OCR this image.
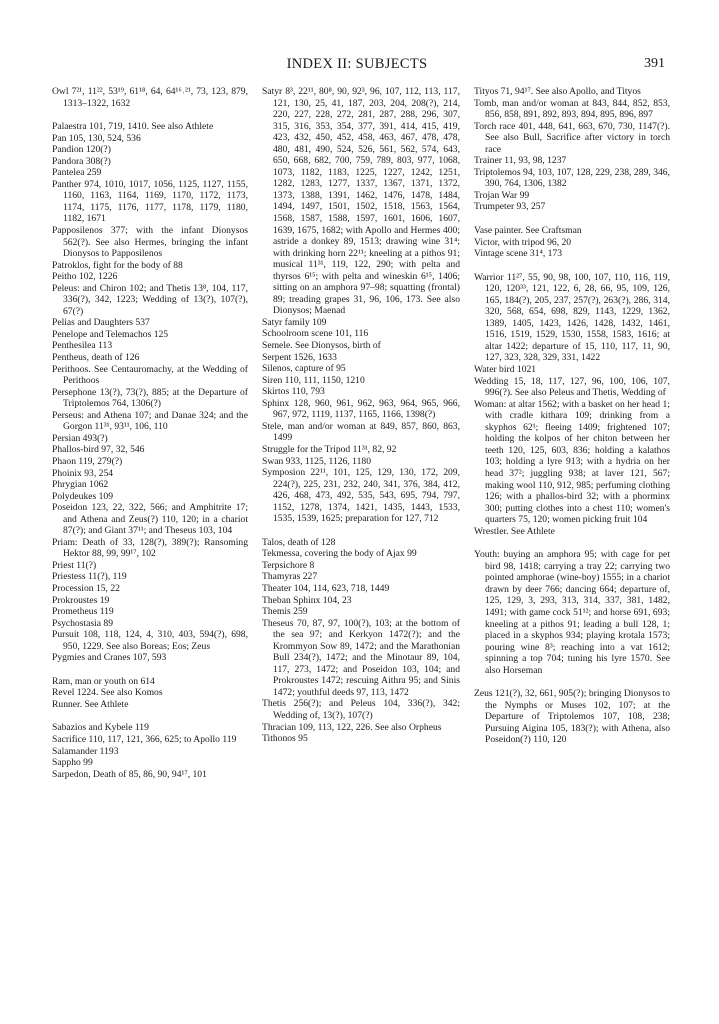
INDEX II: SUBJECTS	391
Owl 7²¹, 11²², 53¹⁹, 61¹⁸, 64, 64¹⁶˒²¹, 73, 123, 879, 1313–1322, 1632
Palaestra 101, 719, 1410. See also Athlete
Pan 105, 130, 524, 536
Pandion 120(?)
Pandora 308(?)
Pantelea 259
Panther 974, 1010, 1017, 1056, 1125, 1127, 1155, 1160, 1163, 1164, 1169, 1170, 1172, 1173, 1174, 1175, 1176, 1177, 1178, 1179, 1180, 1182, 1671
Papposilenos 377; with the infant Dionysos 562(?). See also Hermes, bringing the infant Dionysos to Papposilenos
Patroklos, fight for the body of 88
Peitho 102, 1226
Peleus: and Chiron 102; and Thetis 13⁸, 104, 117, 336(?), 342, 1223; Wedding of 13(?), 107(?), 67(?)
Pelias and Daughters 537
Penelope and Telemachos 125
Penthesilea 113
Pentheus, death of 126
Perithoos. See Centauromachy, at the Wedding of Perithoos
Persephone 13(?), 73(?), 885; at the Departure of Triptolemos 764, 1306(?)
Perseus: and Athena 107; and Danae 324; and the Gorgon 11³¹, 93¹¹, 106, 110
Persian 493(?)
Phallos-bird 97, 32, 546
Phaon 119, 279(?)
Phoinix 93, 254
Phrygian 1062
Polydeukes 109
Poseidon 123, 22, 322, 566; and Amphitrite 17; and Athena and Zeus(?) 110, 120; in a chariot 87(?); and Giant 37¹¹; and Theseus 103, 104
Priam: Death of 33, 128(?), 389(?); Ransoming Hektor 88, 99, 99¹⁷, 102
Priest 11(?)
Priestess 11(?), 119
Procession 15, 22
Prokroustes 19
Prometheus 119
Psychostasia 89
Pursuit 108, 118, 124, 4, 310, 403, 594(?), 698, 950, 1229. See also Boreas; Eos; Zeus
Pygmies and Cranes 107, 593
Ram, man or youth on 614
Revel 1224. See also Komos
Runner. See Athlete
Sabazios and Kybele 119
Sacrifice 110, 117, 121, 366, 625; to Apollo 119
Salamander 1193
Sappho 99
Sarpedon, Death of 85, 86, 90, 94¹⁷, 101
Satyr 8³, 22¹¹, 80⁸, 90, 92³, 96, 107, 112, 113, 117, 121, 130, 25, 41, 187, 203, 204, 208(?), 214, 220, 227, 228, 272, 281, 287, 288, 296, 307, 315, 316, 353, 354, 377, 391, 414, 415, 419, 423, 432, 450, 452, 458, 463, 467, 478, 478, 480, 481, 490, 524, 526, 561, 562, 574, 643, 650, 668, 682, 700, 759, 789, 803, 977, 1068, 1073, 1182, 1183, 1225, 1227, 1242, 1251, 1282, 1283, 1277, 1337, 1367, 1371, 1372, 1373, 1388, 1391, 1462, 1476, 1478, 1484, 1494, 1497, 1501, 1502, 1518, 1563, 1564, 1568, 1587, 1588, 1597, 1601, 1606, 1607, 1639, 1675, 1682; with Apollo and Hermes 400; astride a donkey 89, 1513; drawing wine 31⁴; with drinking horn 22¹¹; kneeling at a pithos 91; musical 11³¹, 119, 122, 290; with pelta and thyrsos 6¹⁵; with pelta and wineskin 6¹⁵, 1406; sitting on an amphora 97–98; squatting (frontal) 89; treading grapes 31, 96, 106, 173. See also Dionysos; Maenad
Satyr family 109
Schoolroom scene 101, 116
Semele. See Dionysos, birth of
Serpent 1526, 1633
Silenos, capture of 95
Siren 110, 111, 1150, 1210
Skirtos 110, 793
Sphinx 128, 960, 961, 962, 963, 964, 965, 966, 967, 972, 1119, 1137, 1165, 1166, 1398(?)
Stele, man and/or woman at 849, 857, 860, 863, 1499
Struggle for the Tripod 11³¹, 82, 92
Swan 933, 1125, 1126, 1180
Symposion 22¹¹, 101, 125, 129, 130, 172, 209, 224(?), 225, 231, 232, 240, 341, 376, 384, 412, 426, 468, 473, 492, 535, 543, 695, 794, 797, 1152, 1278, 1374, 1421, 1435, 1443, 1533, 1535, 1539, 1625; preparation for 127, 712
Talos, death of 128
Tekmessa, covering the body of Ajax 99
Terpsichore 8
Thamyras 227
Theater 104, 114, 623, 718, 1449
Theban Sphinx 104, 23
Themis 259
Theseus 70, 87, 97, 100(?), 103; at the bottom of the sea 97; and Kerkyon 1472(?); and the Krommyon Sow 89, 1472; and the Marathonian Bull 234(?), 1472; and the Minotaur 89, 104, 117, 273, 1472; and Poseidon 103, 104; and Prokroustes 1472; rescuing Aithra 95; and Sinis 1472; youthful deeds 97, 113, 1472
Thetis 256(?); and Peleus 104, 336(?), 342; Wedding of, 13(?), 107(?)
Thracian 109, 113, 122, 226. See also Orpheus
Tithonos 95
Tityos 71, 94¹⁷. See also Apollo, and Tityos
Tomb, man and/or woman at 843, 844, 852, 853, 856, 858, 891, 892, 893, 894, 895, 896, 897
Torch race 401, 448, 641, 663, 670, 730, 1147(?). See also Bull, Sacrifice after victory in torch race
Trainer 11, 93, 98, 1237
Triptolemos 94, 103, 107, 128, 229, 238, 289, 346, 390, 764, 1306, 1382
Trojan War 99
Trumpeter 93, 257
Vase painter. See Craftsman
Victor, with tripod 96, 20
Vintage scene 31⁴, 173
Warrior 11²⁷, 55, 90, 98, 100, 107, 110, 116, 119, 120, 120³³, 121, 122, 6, 28, 66, 95, 109, 126, 165, 184(?), 205, 237, 257(?), 263(?), 286, 314, 320, 568, 654, 698, 829, 1143, 1229, 1362, 1389, 1405, 1423, 1426, 1428, 1432, 1461, 1516, 1519, 1529, 1530, 1558, 1583, 1616; at altar 1422; departure of 15, 110, 117, 11, 90, 127, 323, 328, 329, 331, 1422
Water bird 1021
Wedding 15, 18, 117, 127, 96, 100, 106, 107, 996(?). See also Peleus and Thetis, Wedding of
Woman: at altar 1562; with a basket on her head 1; with cradle kithara 109; drinking from a skyphos 62¹; fleeing 1409; frightened 107; holding the kolpos of her chiton between her teeth 120, 125, 603, 836; holding a kalathos 103; holding a lyre 913; with a hydria on her head 37²; juggling 938; at laver 121, 567; making wool 110, 912, 985; perfuming clothing 126; with a phallos-bird 32; with a phorminx 300; putting clothes into a chest 110; women's quarters 75, 120; women picking fruit 104
Wrestler. See Athlete
Youth: buying an amphora 95; with cage for pet bird 98, 1418; carrying a tray 22; carrying two pointed amphorae (wine-boy) 1555; in a chariot drawn by deer 766; dancing 664; departure of, 125, 129, 3, 293, 313, 314, 337, 381, 1482, 1491; with game cock 51¹²; and horse 691, 693; kneeling at a pithos 91; leading a bull 128, 1; placed in a skyphos 934; playing krotala 1573; pouring wine 8³; reaching into a vat 1612; spinning a top 704; tuning his lyre 1570. See also Horseman
Zeus 121(?), 32, 661, 905(?); bringing Dionysos to the Nymphs or Muses 102, 107; at the Departure of Triptolemos 107, 108, 238; Pursuing Aigina 105, 183(?); with Athena, also Poseidon(?) 110, 120
